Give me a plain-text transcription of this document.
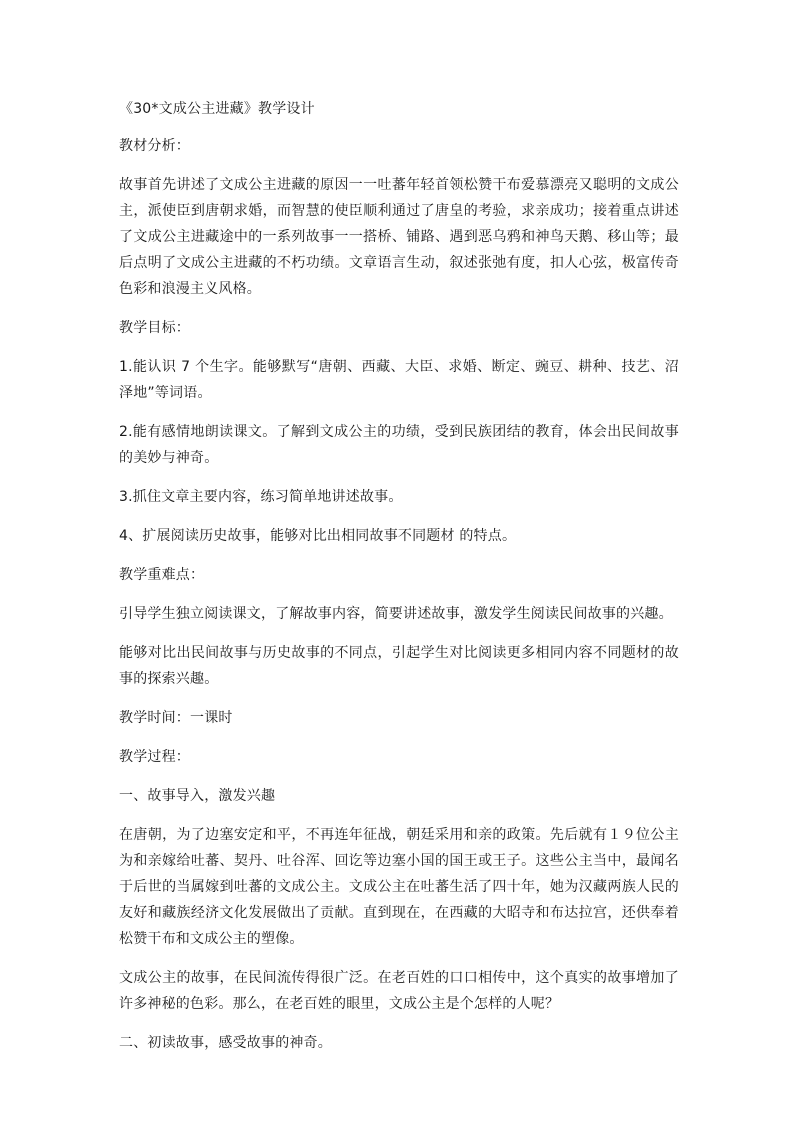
《30*文成公主进藏》教学设计

教材分析：

故事首先讲述了文成公主进藏的原因一一吐蕃年轻首领松赞干布爱慕漂亮又聪明的文成公主，派使臣到唐朝求婚，而智慧的使臣顺利通过了唐皇的考验，求亲成功；接着重点讲述了文成公主进藏途中的一系列故事一一搭桥、铺路、遇到恶乌鸦和神鸟天鹅、移山等；最后点明了文成公主进藏的不朽功绩。文章语言生动，叙述张弛有度，扣人心弦，极富传奇色彩和浪漫主义风格。

教学目标：

1.能认识 7 个生字。能够默写“唐朝、西藏、大臣、求婚、断定、豌豆、耕种、技艺、沼泽地”等词语。

2.能有感情地朗读课文。了解到文成公主的功绩，受到民族团结的教育，体会出民间故事的美妙与神奇。

3.抓住文章主要内容，练习简单地讲述故事。

4、扩展阅读历史故事，能够对比出相同故事不同题材 的特点。

教学重难点：

引导学生独立阅读课文，了解故事内容，简要讲述故事，激发学生阅读民间故事的兴趣。

能够对比出民间故事与历史故事的不同点，引起学生对比阅读更多相同内容不同题材的故事的探索兴趣。

教学时间：一课时

教学过程：

一、故事导入，激发兴趣

在唐朝，为了边塞安定和平，不再连年征战，朝廷采用和亲的政策。先后就有１９位公主为和亲嫁给吐蕃、契丹、吐谷浑、回讫等边塞小国的国王或王子。这些公主当中，最闻名于后世的当属嫁到吐蕃的文成公主。文成公主在吐蕃生活了四十年，她为汉藏两族人民的友好和藏族经济文化发展做出了贡献。直到现在，在西藏的大昭寺和布达拉宫，还供奉着松赞干布和文成公主的塑像。

文成公主的故事，在民间流传得很广泛。在老百姓的口口相传中，这个真实的故事增加了许多神秘的色彩。那么，在老百姓的眼里，文成公主是个怎样的人呢？

二、初读故事，感受故事的神奇。
